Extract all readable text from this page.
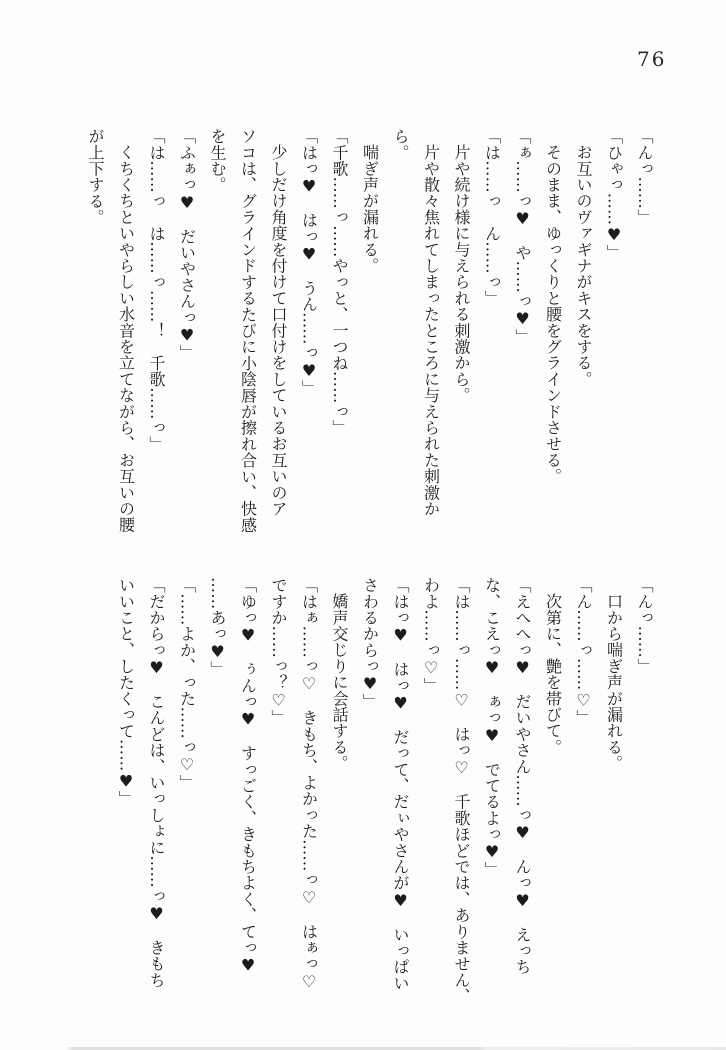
76
「んっ……」
「ひゃっ……♥」
お互いのヴァギナがキスをする。
そのまま、ゆっくりと腰をグラインドさせる。
「ぁ……っ♥　や……っ♥」
「は……っ　ん……っ」
片や続け様に与えられる刺激から。
片や散々焦れてしまったところに与えられた刺激か
ら。
喘ぎ声が漏れる。
「千歌……っ……やっと、一つね……っ」
「はっ♥　はっ♥　うん……っ♥」
少しだけ角度を付けて口付けをしているお互いのア
ソコは、グラインドするたびに小陰唇が擦れ合い、快感
を生む。
「ふぁっ♥　だいやさんっ♥」
「は……っ　は……っ……！　千歌……っ」
くちくちといやらしい水音を立てながら、お互いの腰
が上下する。
「んっ……」
口から喘ぎ声が漏れる。
「ん……っ……♡」
次第に、艶を帯びて。
「えへへっ♥　だいやさん……っ♥　んっ♥　えっち
な、こえっ♥　ぁっ♥　でてるよっ♥」
「は……っ……♡　はっ♡　千歌ほどでは、ありません、
わよ……っ♡」
「はっ♥　はっ♥　だって、だぃやさんが♥　いっぱい
さわるからっ♥」
嬌声交じりに会話する。
「はぁ……っ♡　きもち、よかった……っ♡　はぁっ♡
ですか……っ？♡」
「ゆっ♥　ぅんっ♥　すっごく、きもちよく、てっ♥
……あっ♥」
「……よか、った……っ♡」
「だからっ♥　こんどは、いっしょに……っ♥　きもち
いいこと、したくって……♥」
